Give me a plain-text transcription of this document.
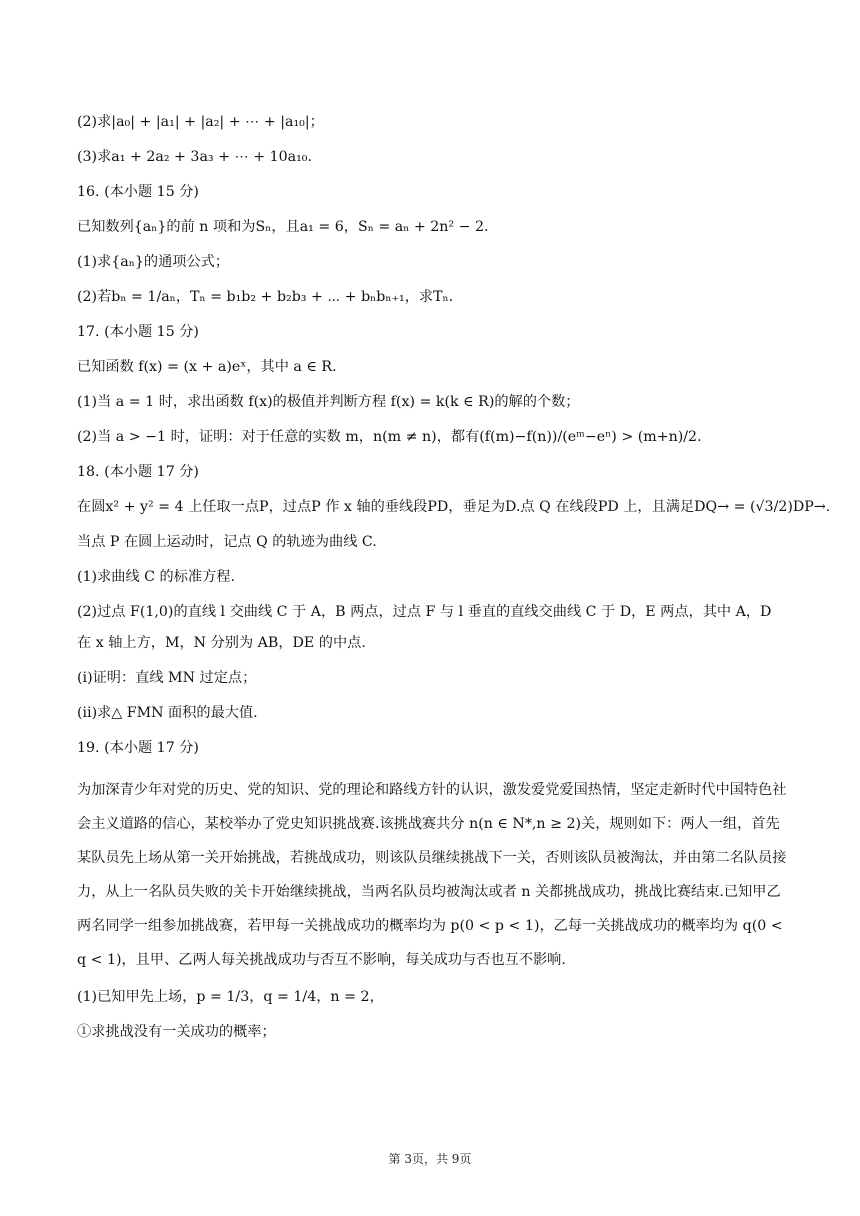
(2)求|a₀| + |a₁| + |a₂| + ⋯ + |a₁₀|；
(3)求a₁ + 2a₂ + 3a₃ + ⋯ + 10a₁₀.
16. (本小题 15 分)
已知数列{aₙ}的前 n 项和为Sₙ，且a₁ = 6，Sₙ = aₙ + 2n² − 2.
(1)求{aₙ}的通项公式；
(2)若bₙ = 1/aₙ，Tₙ = b₁b₂ + b₂b₃ + ⋯ + bₙbₙ₊₁，求Tₙ.
17. (本小题 15 分)
已知函数 f(x) = (x + a)eˣ，其中 a ∈ R.
(1)当 a = 1 时，求出函数 f(x)的极值并判断方程 f(x) = k(k ∈ R)的解的个数；
(2)当 a > −1 时，证明：对于任意的实数 m，n(m ≠ n)，都有(f(m)−f(n))/(eᵐ−eⁿ) > (m+n)/2.
18. (本小题 17 分)
在圆x² + y² = 4 上任取一点P，过点P 作 x 轴的垂线段PD，垂足为D.点 Q 在线段PD 上，且满足DQ→ = (√3/2)DP→.
当点 P 在圆上运动时，记点 Q 的轨迹为曲线 C.
(1)求曲线 C 的标准方程.
(2)过点 F(1,0)的直线 l 交曲线 C 于 A，B 两点，过点 F 与 l 垂直的直线交曲线 C 于 D，E 两点，其中 A，D
在 x 轴上方，M，N 分别为 AB，DE 的中点.
(ⅰ)证明：直线 MN 过定点；
(ⅱ)求△ FMN 面积的最大值.
19. (本小题 17 分)
为加深青少年对党的历史、党的知识、党的理论和路线方针的认识，激发爱党爱国热情，坚定走新时代中国特色社会主义道路的信心，某校举办了党史知识挑战赛.该挑战赛共分 n(n ∈ N*,n ≥ 2)关，规则如下：两人一组，首先某队员先上场从第一关开始挑战，若挑战成功，则该队员继续挑战下一关，否则该队员被淘汰，并由第二名队员接力，从上一名队员失败的关卡开始继续挑战，当两名队员均被淘汰或者 n 关都挑战成功，挑战比赛结束.已知甲乙两名同学一组参加挑战赛，若甲每一关挑战成功的概率均为 p(0 < p < 1)，乙每一关挑战成功的概率均为 q(0 < q < 1)，且甲、乙两人每关挑战成功与否互不影响，每关成功与否也互不影响.
(1)已知甲先上场，p = 1/3，q = 1/4，n = 2，
①求挑战没有一关成功的概率；
第 3页，共 9页
